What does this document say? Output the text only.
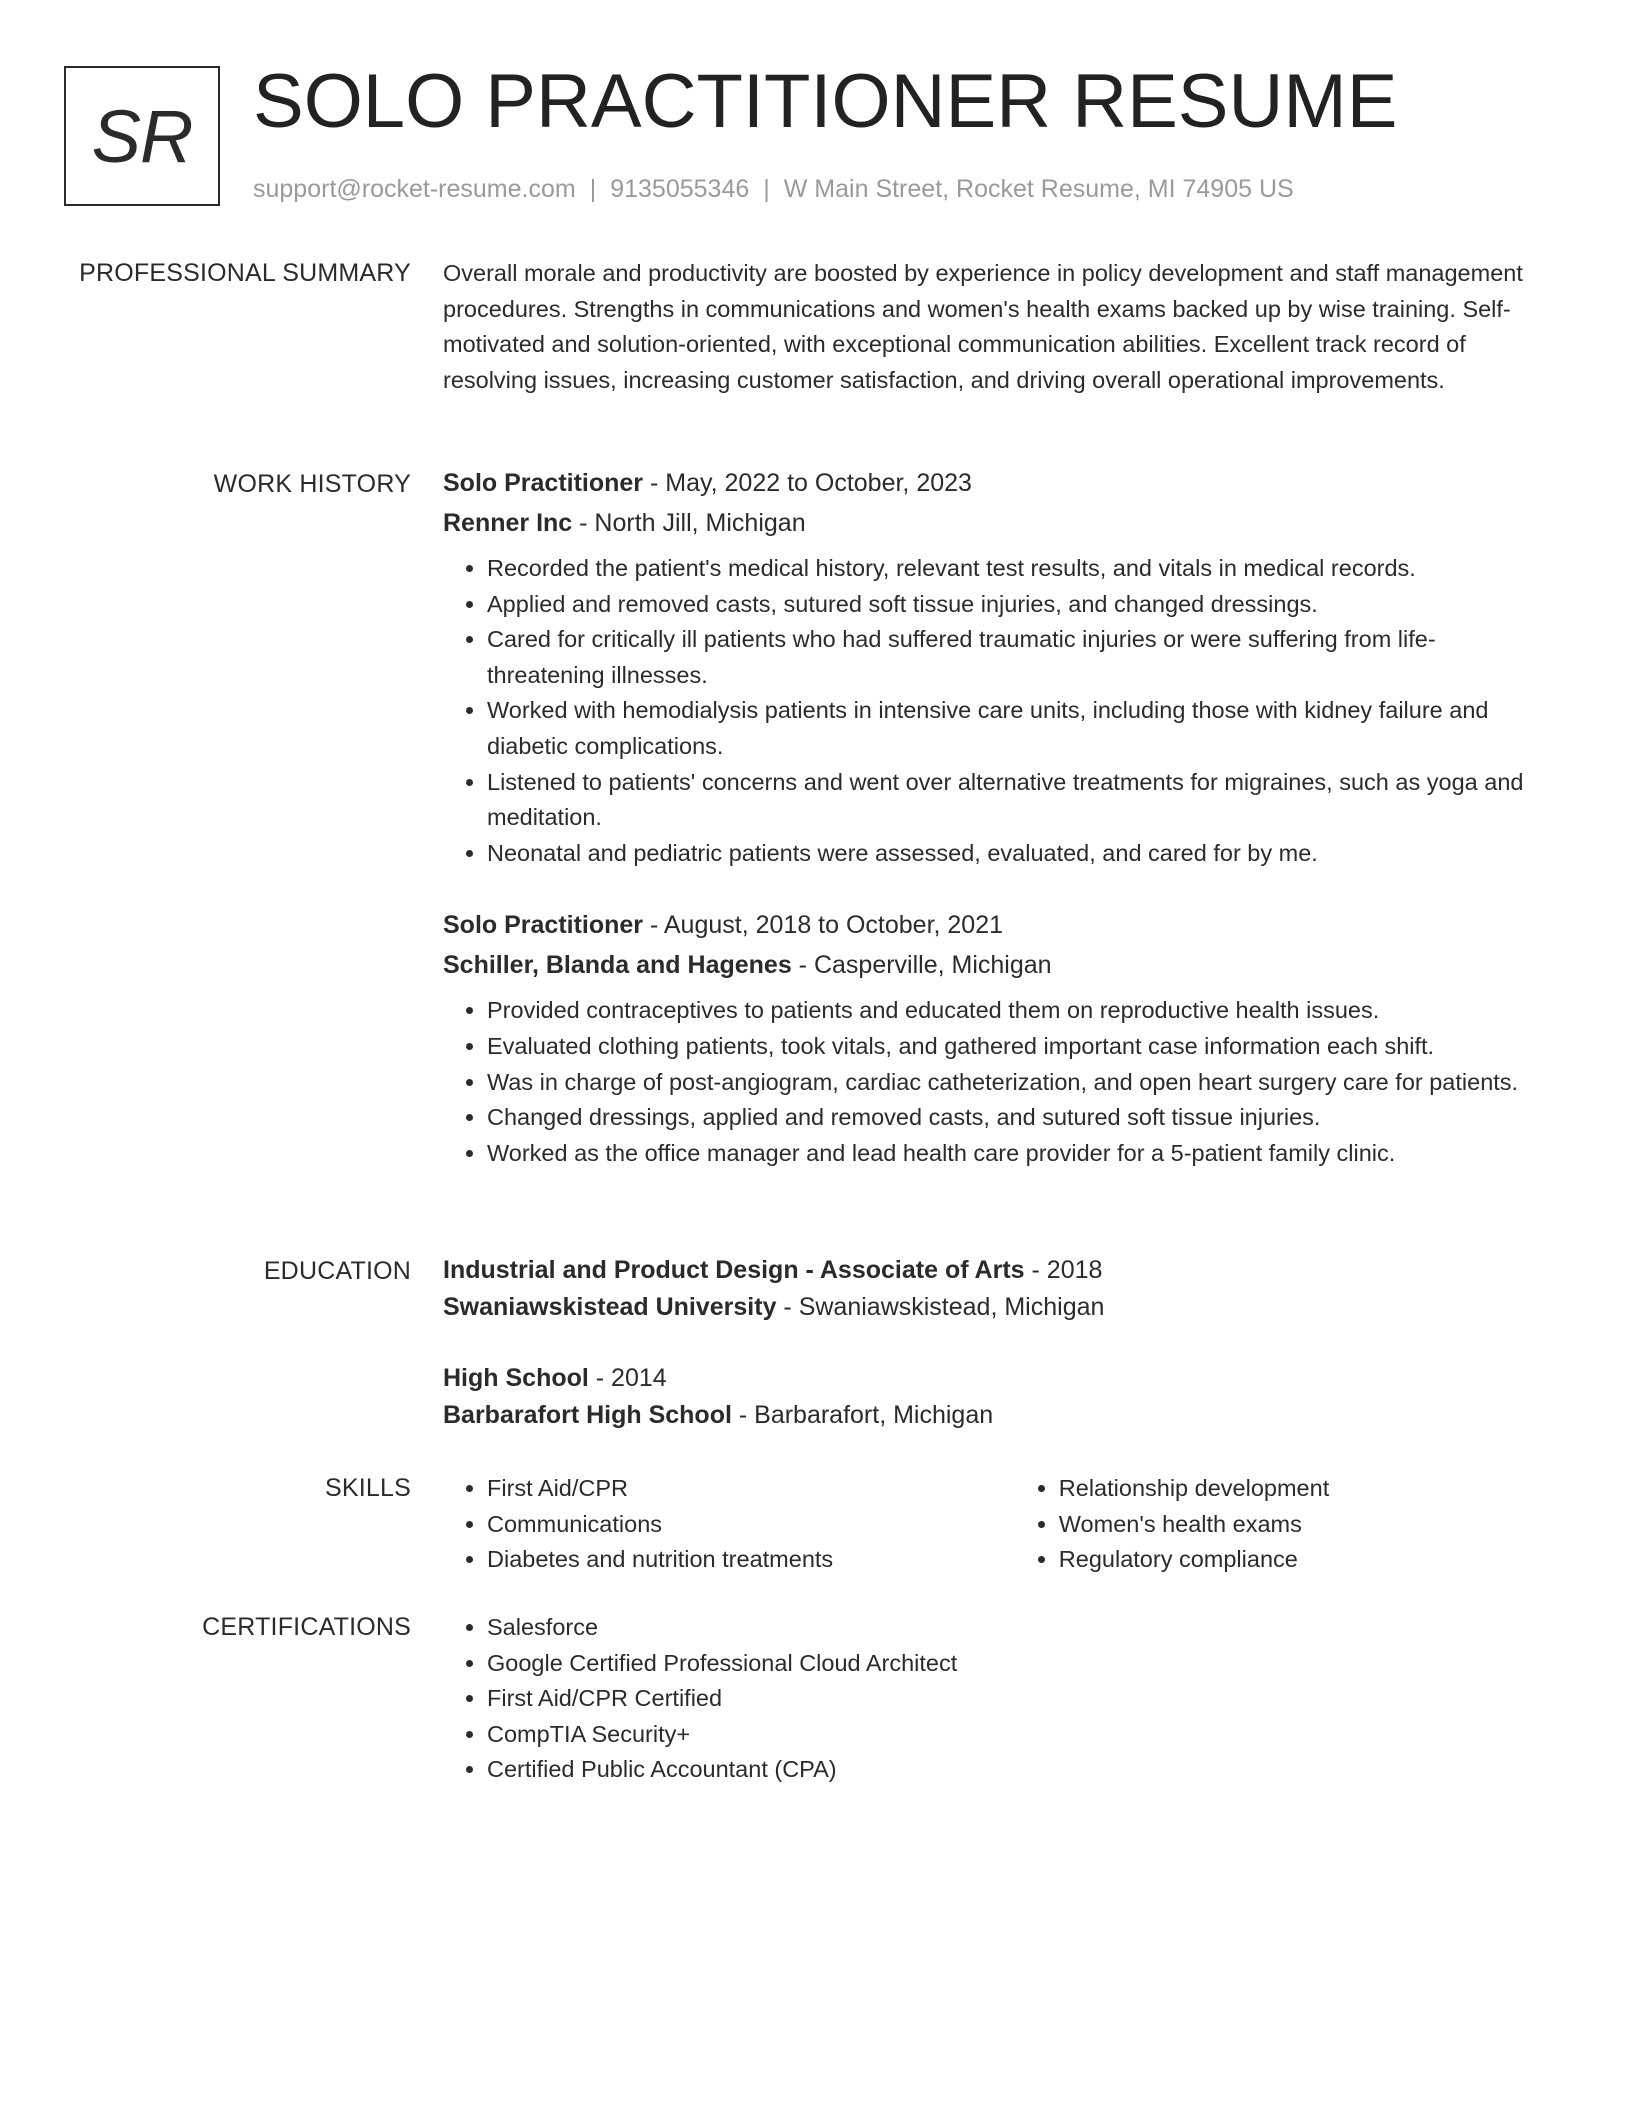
SR SOLO PRACTITIONER RESUME
support@rocket-resume.com | 9135055346 | W Main Street, Rocket Resume, MI 74905 US
PROFESSIONAL SUMMARY Overall morale and productivity are boosted by experience in policy development and staff management procedures. Strengths in communications and women's health exams backed up by wise training. Self-motivated and solution-oriented, with exceptional communication abilities. Excellent track record of resolving issues, increasing customer satisfaction, and driving overall operational improvements.

WORK HISTORY Solo Practitioner - May, 2022 to October, 2023
Renner Inc - North Jill, Michigan
• Recorded the patient's medical history, relevant test results, and vitals in medical records.
• Applied and removed casts, sutured soft tissue injuries, and changed dressings.
• Cared for critically ill patients who had suffered traumatic injuries or were suffering from life-threatening illnesses.
• Worked with hemodialysis patients in intensive care units, including those with kidney failure and diabetic complications.
• Listened to patients' concerns and went over alternative treatments for migraines, such as yoga and meditation.
• Neonatal and pediatric patients were assessed, evaluated, and cared for by me.
Solo Practitioner - August, 2018 to October, 2021
Schiller, Blanda and Hagenes - Casperville, Michigan
• Provided contraceptives to patients and educated them on reproductive health issues.
• Evaluated clothing patients, took vitals, and gathered important case information each shift.
• Was in charge of post-angiogram, cardiac catheterization, and open heart surgery care for patients.
• Changed dressings, applied and removed casts, and sutured soft tissue injuries.
• Worked as the office manager and lead health care provider for a 5-patient family clinic.
EDUCATION Industrial and Product Design - Associate of Arts - 2018
Swaniawskistead University - Swaniawskistead, Michigan
High School - 2014
Barbarafort High School - Barbarafort, Michigan
SKILLS	• First Aid/CPR
• Communications
• Diabetes and nutrition treatments
• Relationship development
• Women's health exams
• Regulatory compliance
CERTIFICATIONS	• Salesforce
• Google Certified Professional Cloud Architect
• First Aid/CPR Certified
• CompTIA Security+
• Certified Public Accountant (CPA)
